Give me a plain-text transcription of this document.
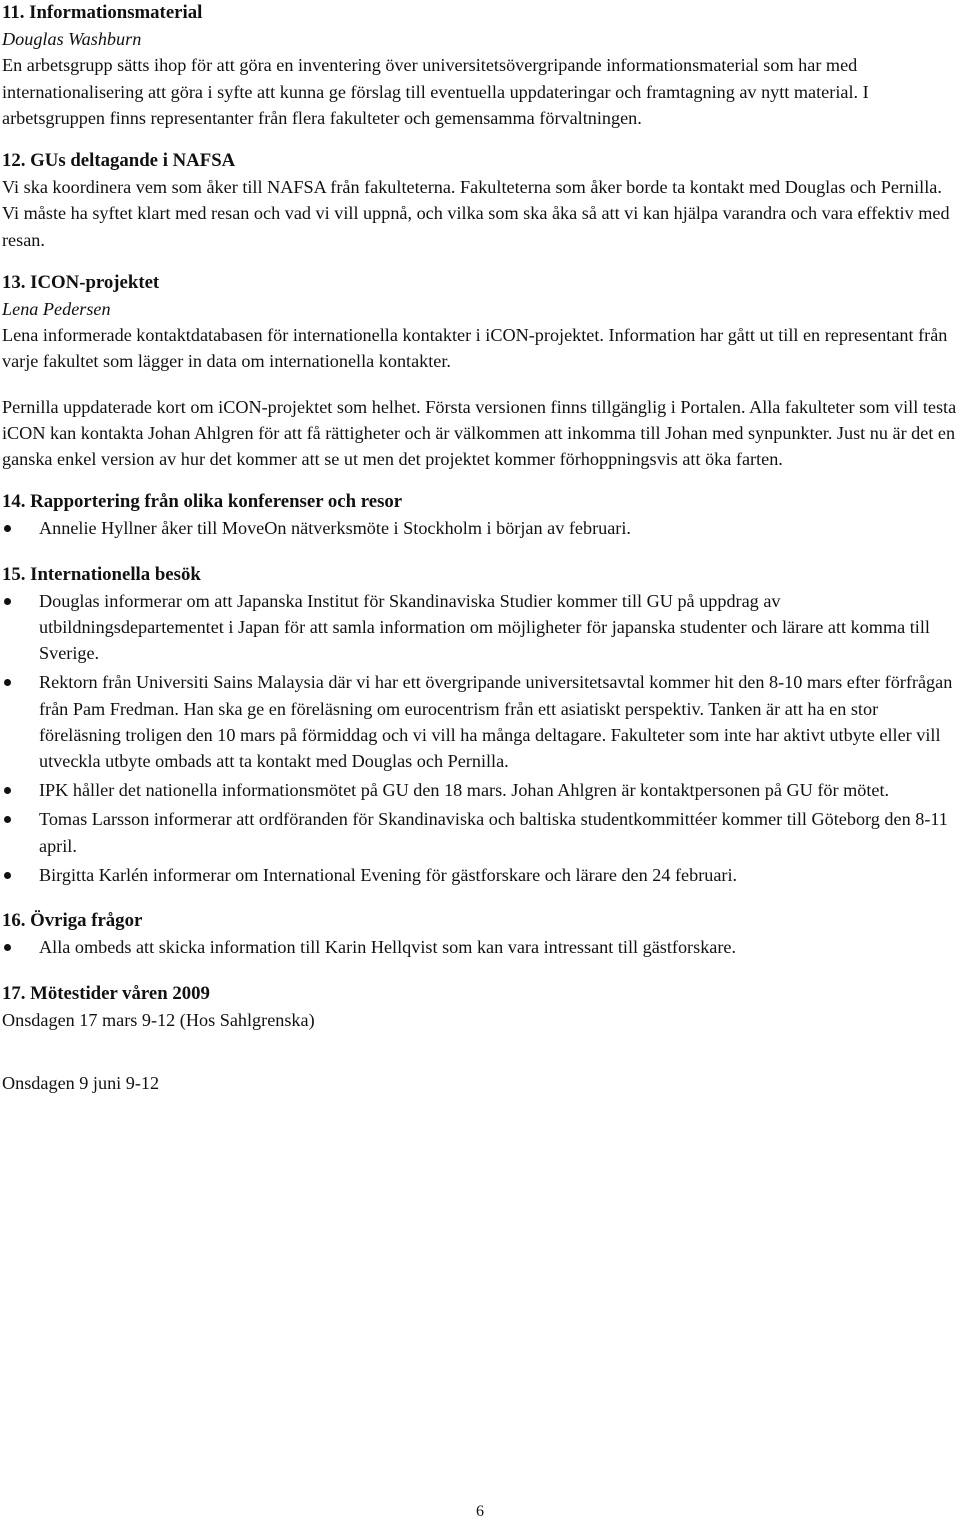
11. Informationsmaterial

Douglas Washburn

En arbetsgrupp sätts ihop för att göra en inventering över universitetsövergripande informationsmaterial som har med internationalisering att göra i syfte att kunna ge förslag till eventuella uppdateringar och framtagning av nytt material. I arbetsgruppen finns representanter från flera fakulteter och gemensamma förvaltningen.

12. GUs deltagande i NAFSA

Vi ska koordinera vem som åker till NAFSA från fakulteterna. Fakulteterna som åker borde ta kontakt med Douglas och Pernilla. Vi måste ha syftet klart med resan och vad vi vill uppnå, och vilka som ska åka så att vi kan hjälpa varandra och vara effektiv med resan.

13. ICON-projektet

Lena Pedersen

Lena informerade kontaktdatabasen för internationella kontakter i iCON-projektet. Information har gått ut till en representant från varje fakultet som lägger in data om internationella kontakter.

Pernilla uppdaterade kort om iCON-projektet som helhet. Första versionen finns tillgänglig i Portalen. Alla fakulteter som vill testa iCON kan kontakta Johan Ahlgren för att få rättigheter och är välkommen att inkomma till Johan med synpunkter. Just nu är det en ganska enkel version av hur det kommer att se ut men det projektet kommer förhoppningsvis att öka farten.

14. Rapportering från olika konferenser och resor
Annelie Hyllner åker till MoveOn nätverksmöte i Stockholm i början av februari.
15. Internationella besök
Douglas informerar om att Japanska Institut för Skandinaviska Studier kommer till GU på uppdrag av utbildningsdepartementet i Japan för att samla information om möjligheter för japanska studenter och lärare att komma till Sverige.
Rektorn från Universiti Sains Malaysia där vi har ett övergripande universitetsavtal kommer hit den 8-10 mars efter förfrågan från Pam Fredman. Han ska ge en föreläsning om eurocentrism från ett asiatiskt perspektiv. Tanken är att ha en stor föreläsning troligen den 10 mars på förmiddag och vi vill ha många deltagare. Fakulteter som inte har aktivt utbyte eller vill utveckla utbyte ombads att ta kontakt med Douglas och Pernilla.
IPK håller det nationella informationsmötet på GU den 18 mars. Johan Ahlgren är kontaktpersonen på GU för mötet.
Tomas Larsson informerar att ordföranden för Skandinaviska och baltiska studentkommittéer kommer till Göteborg den 8-11 april.
Birgitta Karlén informerar om International Evening för gästforskare och lärare den 24 februari.
16. Övriga frågor
Alla ombeds att skicka information till Karin Hellqvist som kan vara intressant till gästforskare.
17. Mötestider våren 2009

Onsdagen 17 mars 9-12 (Hos Sahlgrenska)

Onsdagen 9 juni 9-12

6
